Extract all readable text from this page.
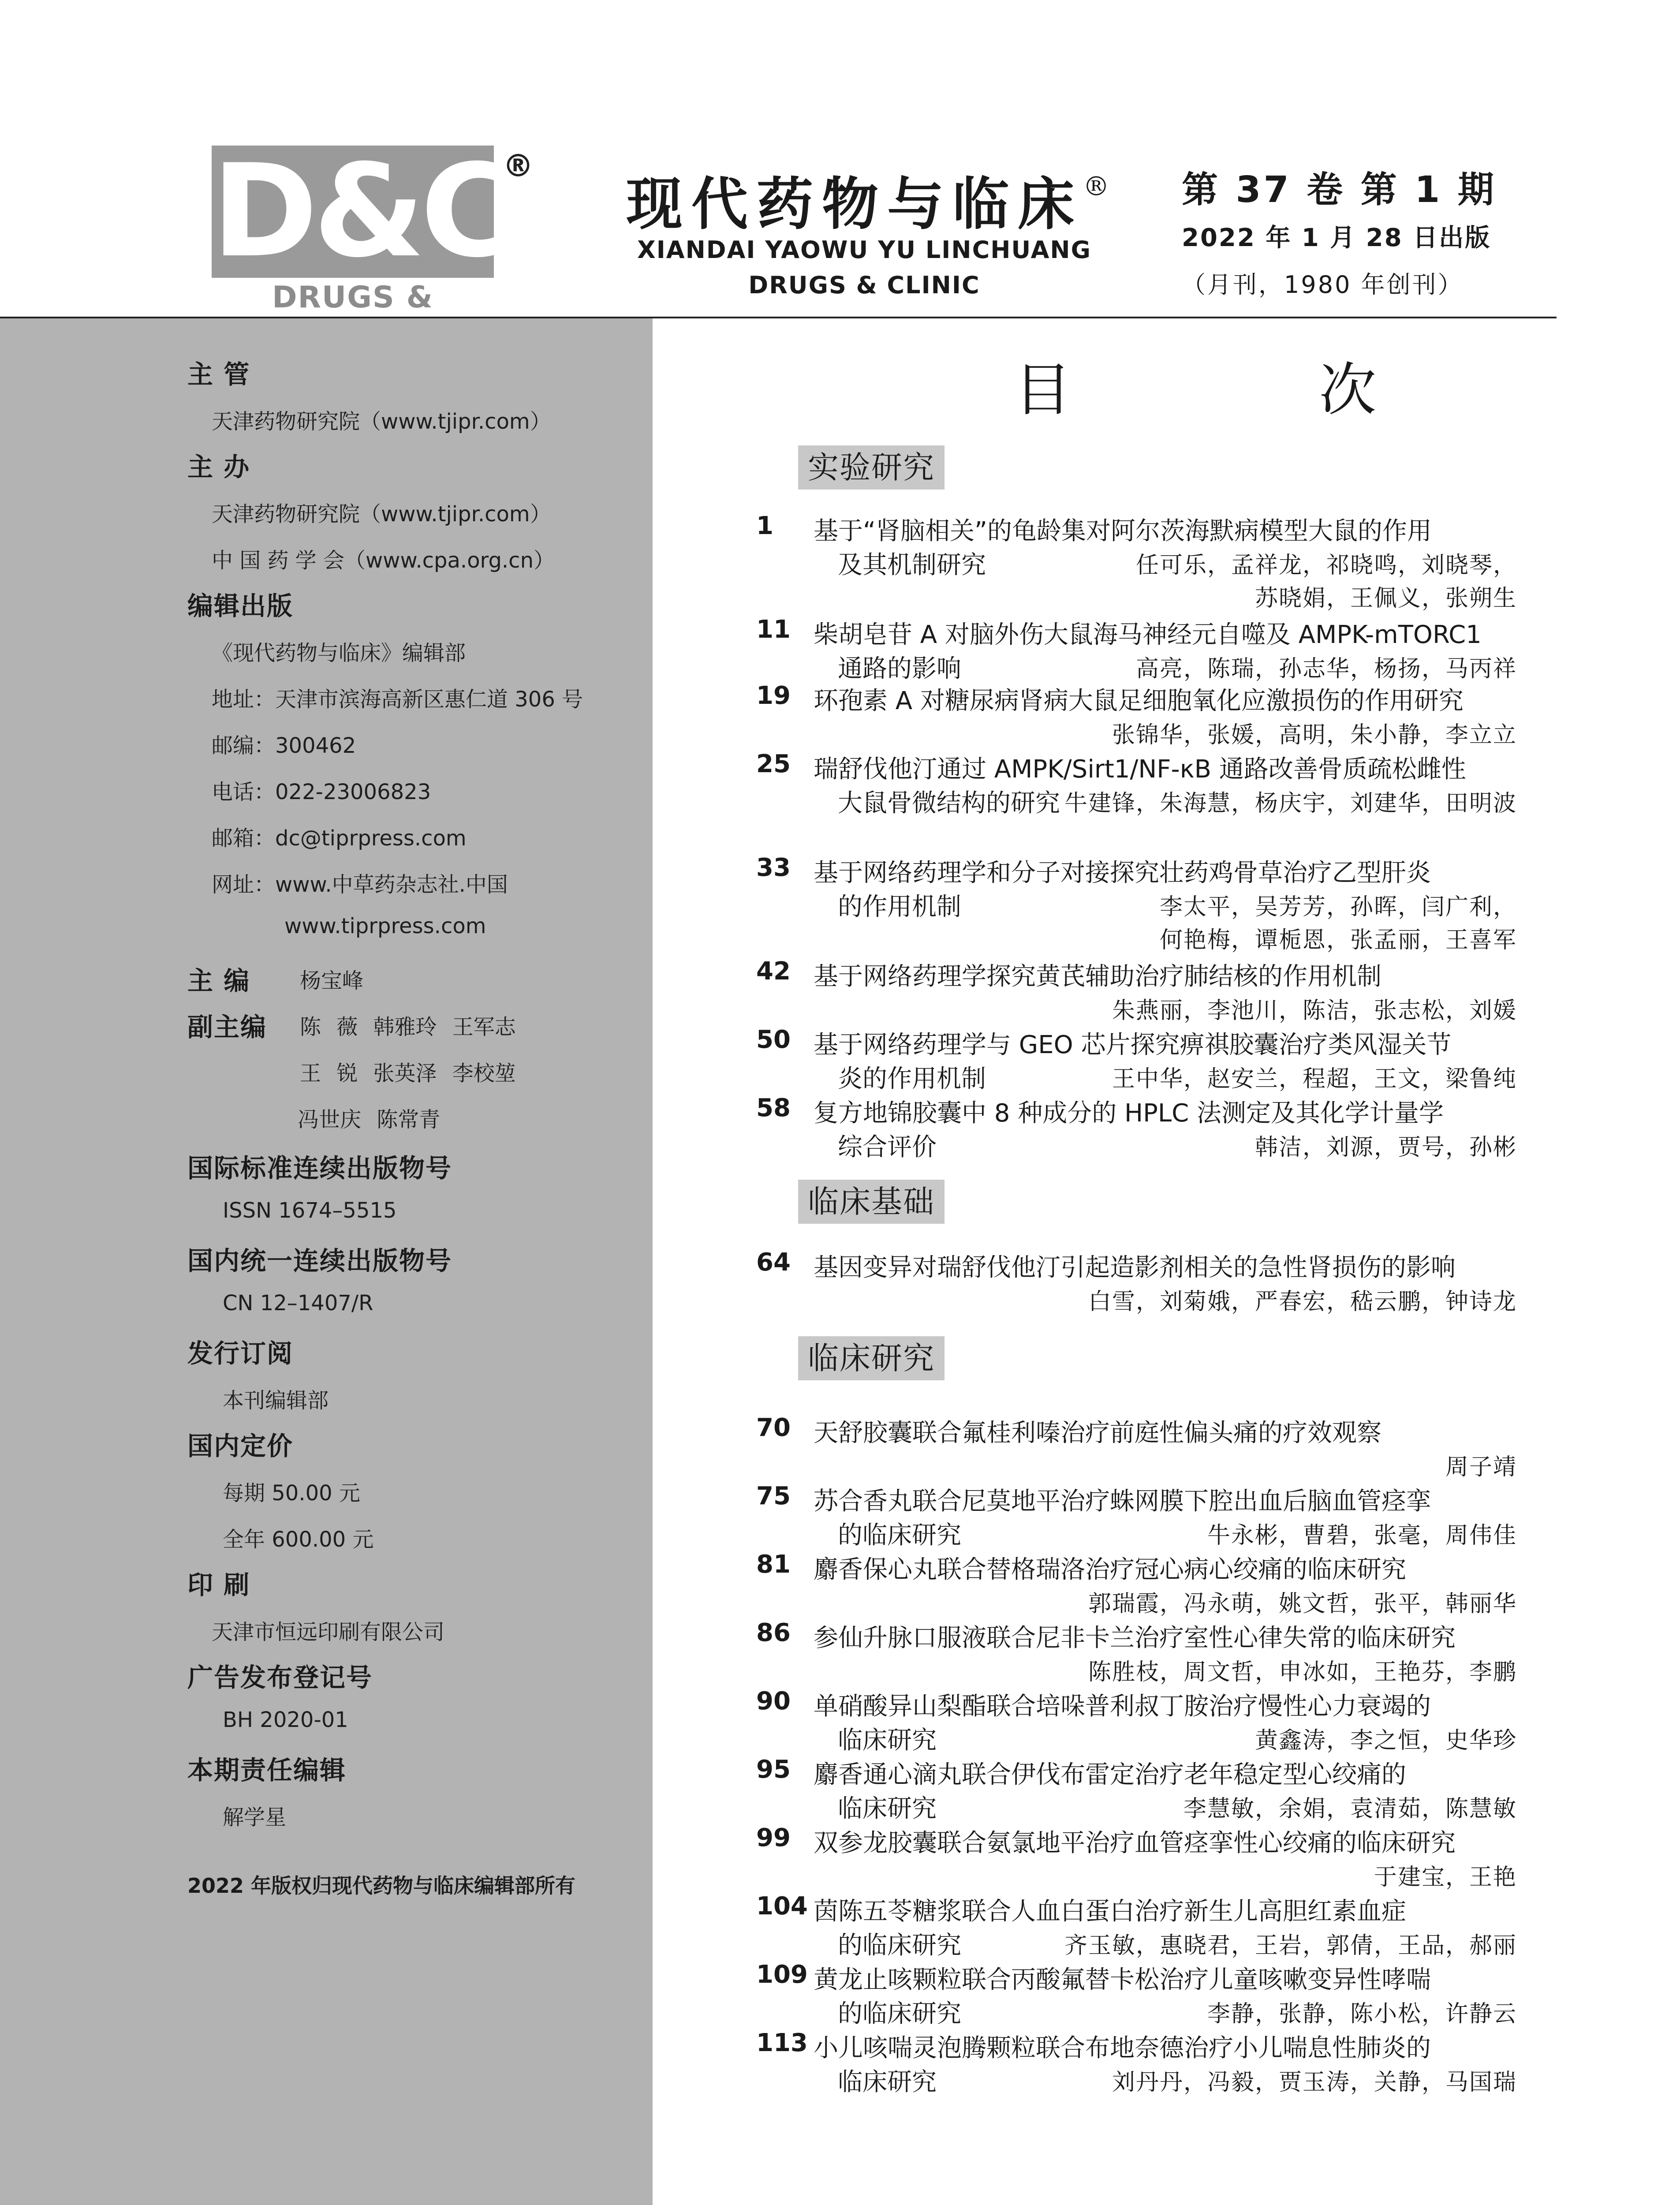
D&C
®
DRUGS &
现代药物与临床®
XIANDAI YAOWU YU LINCHUANG
DRUGS & CLINIC
第 37 卷 第 1 期
2022 年 1 月 28 日出版
（月刊，1980 年创刊）
主 管
天津药物研究院（www.tjipr.com）
主 办
天津药物研究院（www.tjipr.com）
中 国 药 学 会（www.cpa.org.cn）
编辑出版
《现代药物与临床》编辑部
地址：天津市滨海高新区惠仁道 306 号
邮编：300462
电话：022-23006823
邮箱：dc@tiprpress.com
网址：www.中草药杂志社.中国
www.tiprpress.com
主 编 杨宝峰
副主编 陈 薇 韩雅玲 王军志
王 锐 张英泽 李校堃
冯世庆 陈常青
国际标准连续出版物号
ISSN 1674–5515
国内统一连续出版物号
CN 12–1407/R
发行订阅
本刊编辑部
国内定价
每期 50.00 元
全年 600.00 元
印 刷
天津市恒远印刷有限公司
广告发布登记号
BH 2020-01
本期责任编辑
解学星
2022 年版权归现代药物与临床编辑部所有
目 次
实验研究
1	基于“肾脑相关”的龟龄集对阿尔茨海默病模型大鼠的作用
及其机制研究	任可乐，孟祥龙，祁晓鸣，刘晓琴，
苏晓娟，王佩义，张朔生
11 柴胡皂苷 A 对脑外伤大鼠海马神经元自噬及 AMPK-mTORC1
通路的影响	高亮，陈瑞，孙志华，杨扬，马丙祥
19 环孢素 A 对糖尿病肾病大鼠足细胞氧化应激损伤的作用研究
张锦华，张媛，高明，朱小静，李立立
25 瑞舒伐他汀通过 AMPK/Sirt1/NF-κB 通路改善骨质疏松雌性
大鼠骨微结构的研究 牛建锋，朱海慧，杨庆宇，刘建华，田明波
33 基于网络药理学和分子对接探究壮药鸡骨草治疗乙型肝炎
的作用机制	李太平，吴芳芳，孙晖，闫广利，
何艳梅，谭栀恩，张孟丽，王喜军
42 基于网络药理学探究黄芪辅助治疗肺结核的作用机制
朱燕丽，李池川，陈洁，张志松，刘媛
50 基于网络药理学与 GEO 芯片探究痹祺胶囊治疗类风湿关节
炎的作用机制	王中华，赵安兰，程超，王文，梁鲁纯
58 复方地锦胶囊中 8 种成分的 HPLC 法测定及其化学计量学
综合评价	韩洁，刘源，贾号，孙彬
临床基础
64 基因变异对瑞舒伐他汀引起造影剂相关的急性肾损伤的影响
白雪，刘菊娥，严春宏，嵇云鹏，钟诗龙
临床研究
70 天舒胶囊联合氟桂利嗪治疗前庭性偏头痛的疗效观察
周子靖
75 苏合香丸联合尼莫地平治疗蛛网膜下腔出血后脑血管痉挛
的临床研究	牛永彬，曹碧，张毫，周伟佳
81 麝香保心丸联合替格瑞洛治疗冠心病心绞痛的临床研究
郭瑞霞，冯永萌，姚文哲，张平，韩丽华
86 参仙升脉口服液联合尼非卡兰治疗室性心律失常的临床研究
陈胜枝，周文哲，申冰如，王艳芬，李鹏
90 单硝酸异山梨酯联合培哚普利叔丁胺治疗慢性心力衰竭的
临床研究	黄鑫涛，李之恒，史华珍
95 麝香通心滴丸联合伊伐布雷定治疗老年稳定型心绞痛的
临床研究	李慧敏，余娟，袁清茹，陈慧敏
99 双参龙胶囊联合氨氯地平治疗血管痉挛性心绞痛的临床研究
于建宝，王艳
104 茵陈五苓糖浆联合人血白蛋白治疗新生儿高胆红素血症
的临床研究	齐玉敏，惠晓君，王岩，郭倩，王品，郝丽
109 黄龙止咳颗粒联合丙酸氟替卡松治疗儿童咳嗽变异性哮喘
的临床研究	李静，张静，陈小松，许静云
113 小儿咳喘灵泡腾颗粒联合布地奈德治疗小儿喘息性肺炎的
临床研究	刘丹丹，冯毅，贾玉涛，关静，马国瑞
